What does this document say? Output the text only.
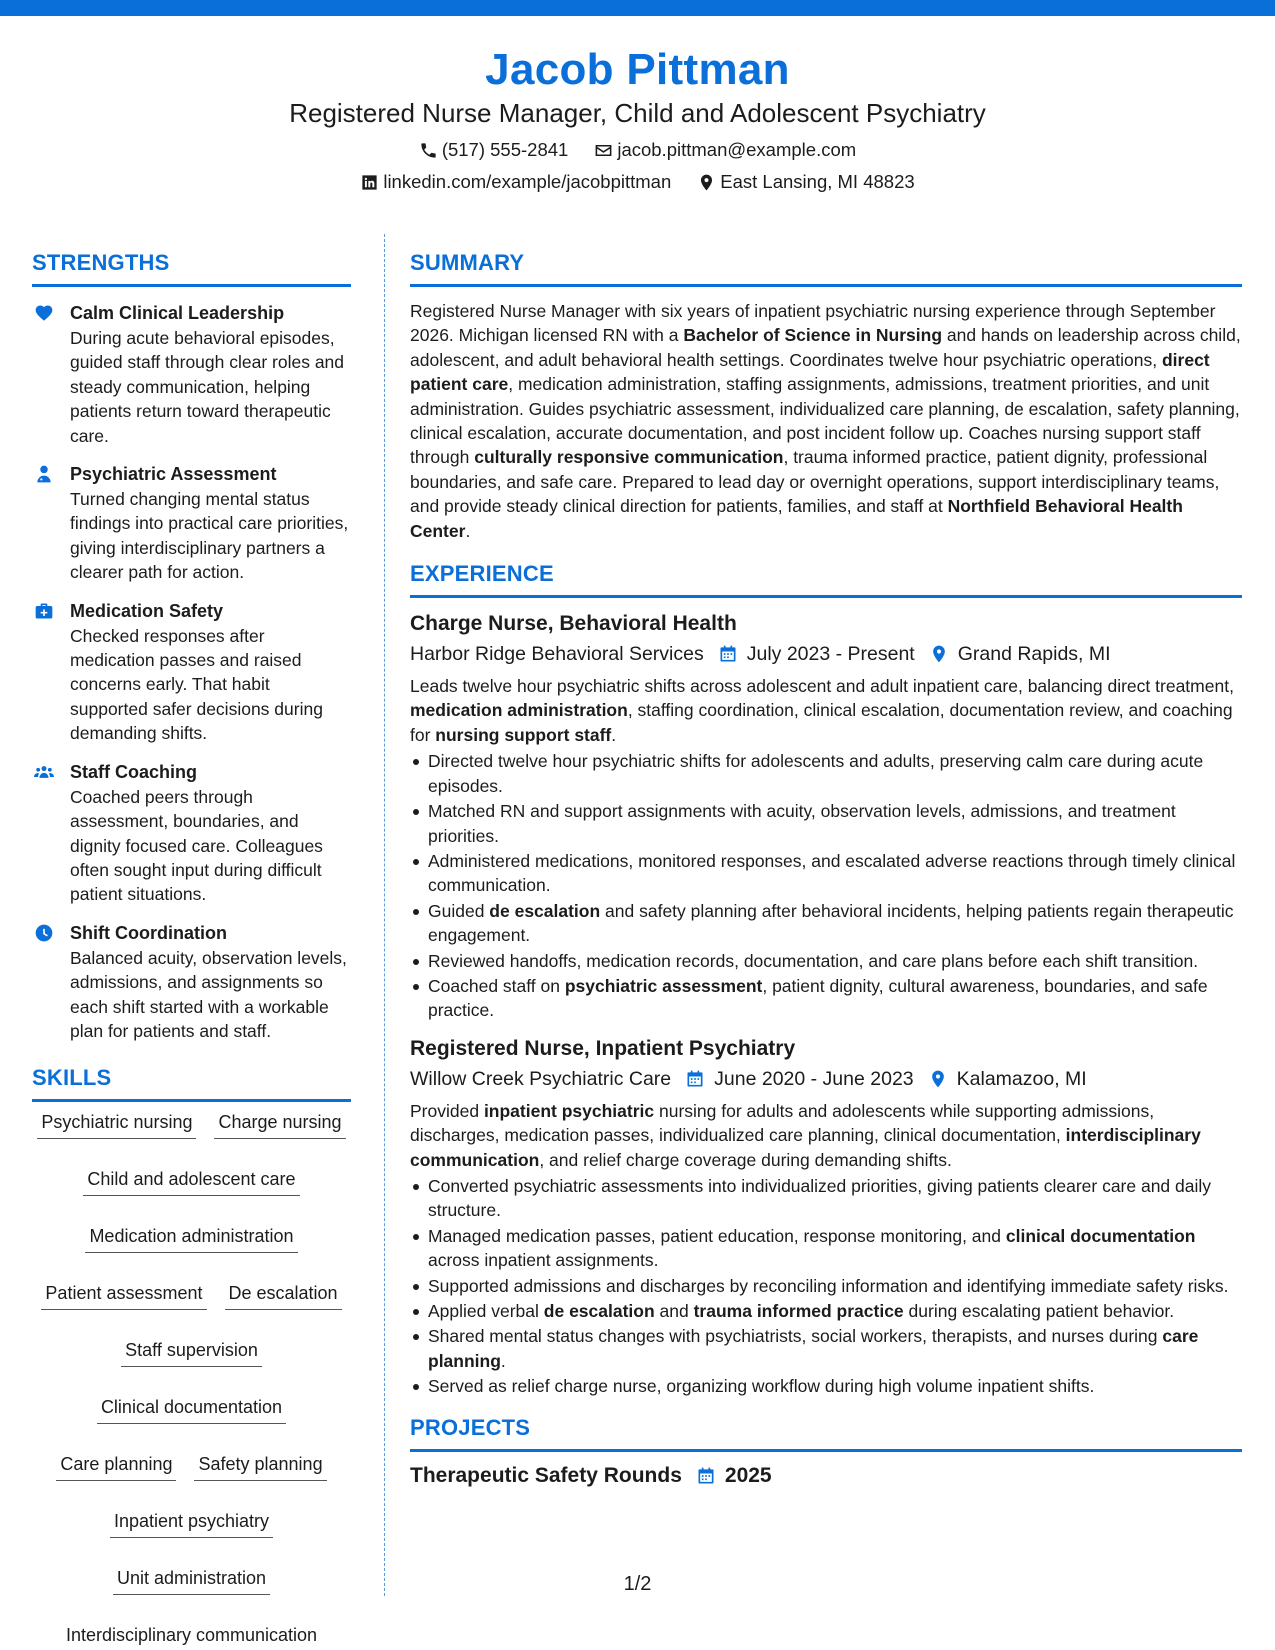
Jacob Pittman
Registered Nurse Manager, Child and Adolescent Psychiatry
(517) 555-2841	jacob.pittman@example.com
linkedin.com/example/jacobpittman	East Lansing, MI 48823
STRENGTHS
Calm Clinical Leadership
During acute behavioral episodes, guided staff through clear roles and steady communication, helping patients return toward therapeutic care.
Psychiatric Assessment
Turned changing mental status findings into practical care priorities, giving interdisciplinary partners a clearer path for action.
Medication Safety
Checked responses after medication passes and raised concerns early. That habit supported safer decisions during demanding shifts.
Staff Coaching
Coached peers through assessment, boundaries, and dignity focused care. Colleagues often sought input during difficult patient situations.
Shift Coordination
Balanced acuity, observation levels, admissions, and assignments so each shift started with a workable plan for patients and staff.
SKILLS
Psychiatric nursing Charge nursing
Child and adolescent care
Medication administration
Patient assessment De escalation
Staff supervision
Clinical documentation
Care planning Safety planning
Inpatient psychiatry
Unit administration
Interdisciplinary communication
SUMMARY
Registered Nurse Manager with six years of inpatient psychiatric nursing experience through September 2026. Michigan licensed RN with a Bachelor of Science in Nursing and hands on leadership across child, adolescent, and adult behavioral health settings. Coordinates twelve hour psychiatric operations, direct patient care, medication administration, staffing assignments, admissions, treatment priorities, and unit administration. Guides psychiatric assessment, individualized care planning, de escalation, safety planning, clinical escalation, accurate documentation, and post incident follow up. Coaches nursing support staff through culturally responsive communication, trauma informed practice, patient dignity, professional boundaries, and safe care. Prepared to lead day or overnight operations, support interdisciplinary teams, and provide steady clinical direction for patients, families, and staff at Northfield Behavioral Health Center.
EXPERIENCE
Charge Nurse, Behavioral Health
Harbor Ridge Behavioral Services July 2023 - Present Grand Rapids, MI
Leads twelve hour psychiatric shifts across adolescent and adult inpatient care, balancing direct treatment, medication administration, staffing coordination, clinical escalation, documentation review, and coaching for nursing support staff.
Directed twelve hour psychiatric shifts for adolescents and adults, preserving calm care during acute episodes.
Matched RN and support assignments with acuity, observation levels, admissions, and treatment priorities.
Administered medications, monitored responses, and escalated adverse reactions through timely clinical communication.
Guided de escalation and safety planning after behavioral incidents, helping patients regain therapeutic engagement.
Reviewed handoffs, medication records, documentation, and care plans before each shift transition.
Coached staff on psychiatric assessment, patient dignity, cultural awareness, boundaries, and safe practice.
Registered Nurse, Inpatient Psychiatry
Willow Creek Psychiatric Care June 2020 - June 2023 Kalamazoo, MI
Provided inpatient psychiatric nursing for adults and adolescents while supporting admissions, discharges, medication passes, individualized care planning, clinical documentation, interdisciplinary communication, and relief charge coverage during demanding shifts.
Converted psychiatric assessments into individualized priorities, giving patients clearer care and daily structure.
Managed medication passes, patient education, response monitoring, and clinical documentation across inpatient assignments.
Supported admissions and discharges by reconciling information and identifying immediate safety risks.
Applied verbal de escalation and trauma informed practice during escalating patient behavior.
Shared mental status changes with psychiatrists, social workers, therapists, and nurses during care planning.
Served as relief charge nurse, organizing workflow during high volume inpatient shifts.
PROJECTS
Therapeutic Safety Rounds 2025
1/2
